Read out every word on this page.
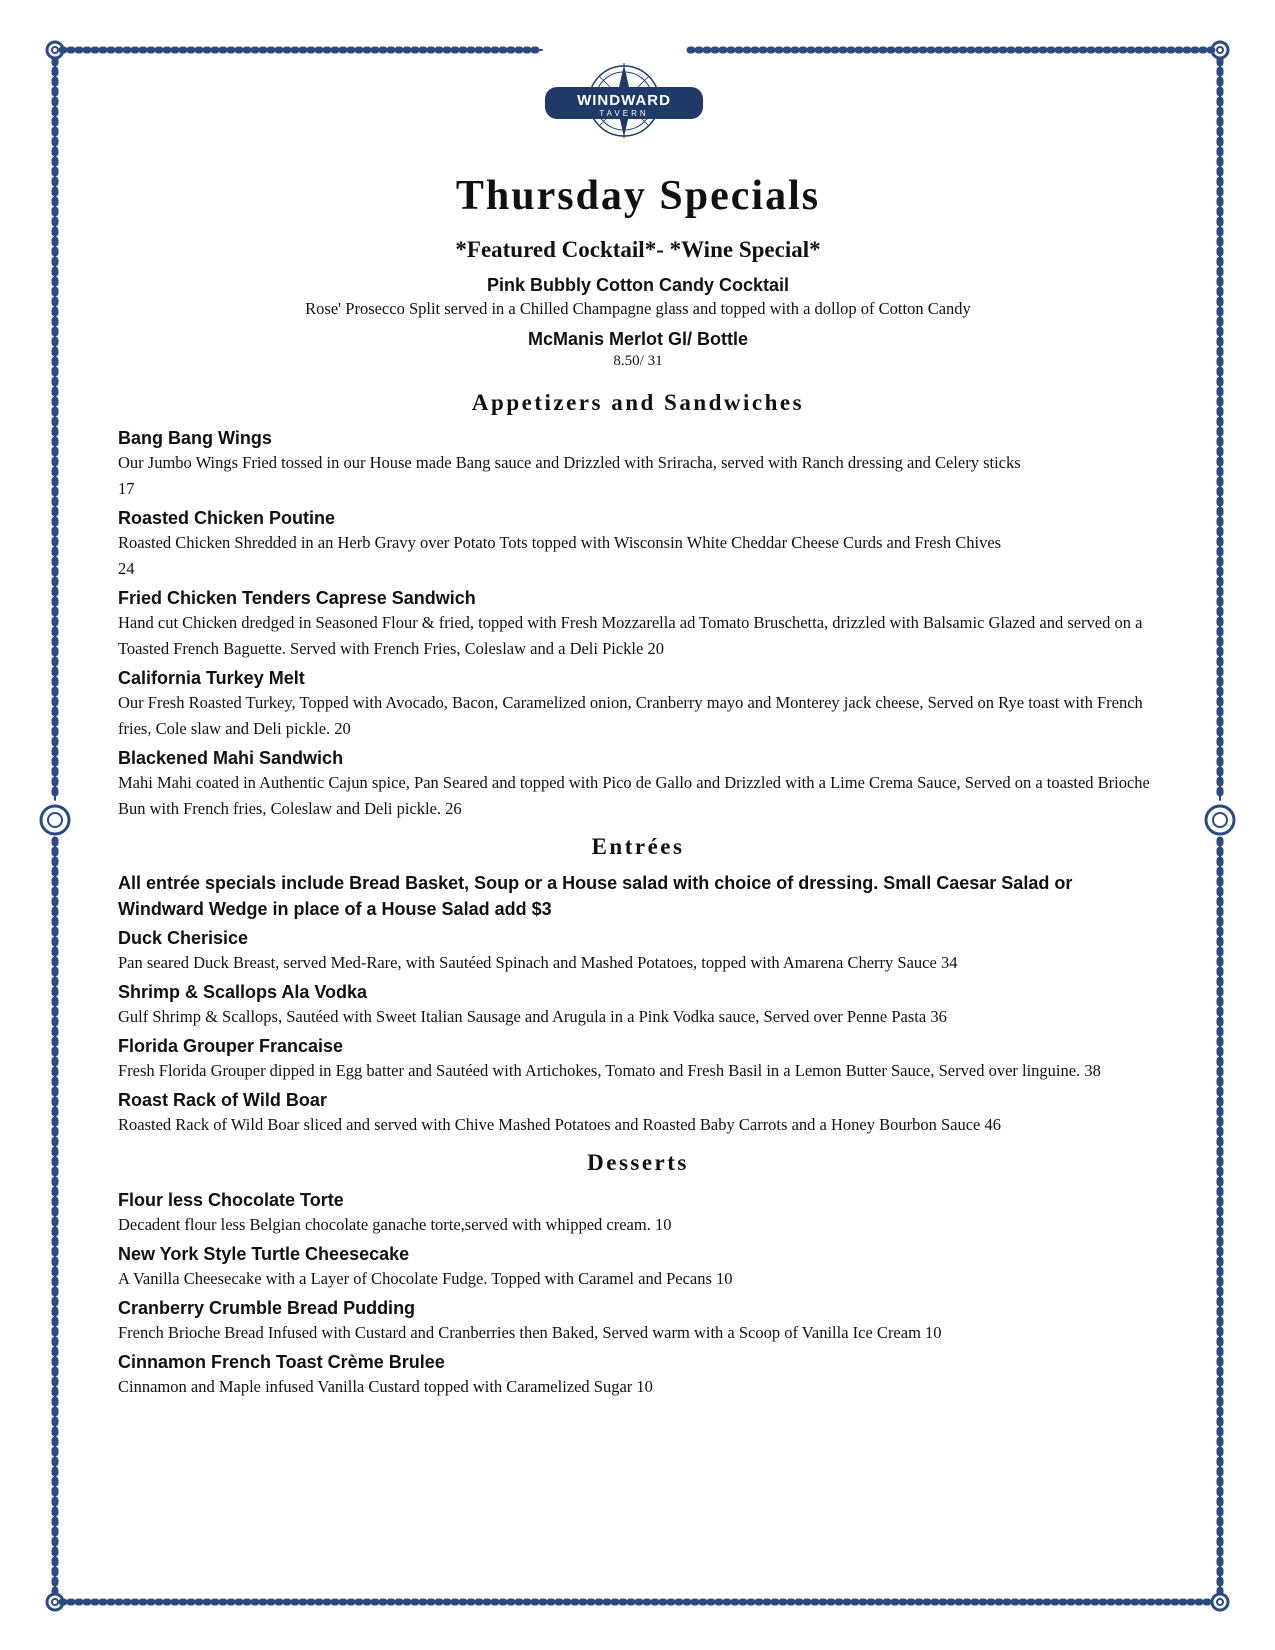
WINDWARD
TAVERN
Thursday Specials
*Featured Cocktail*- *Wine Special*
Pink Bubbly Cotton Candy Cocktail
Rose' Prosecco Split served in a Chilled Champagne glass and topped with a dollop of Cotton Candy
McManis Merlot Gl/ Bottle
8.50/ 31
Appetizers and Sandwiches
Bang Bang Wings
Our Jumbo Wings Fried tossed in our House made Bang sauce and Drizzled with Sriracha, served with Ranch dressing and Celery sticks
17
Roasted Chicken Poutine
Roasted Chicken Shredded in an Herb Gravy over Potato Tots topped with Wisconsin White Cheddar Cheese Curds and Fresh Chives
24
Fried Chicken Tenders Caprese Sandwich
Hand cut Chicken dredged in Seasoned Flour & fried, topped with Fresh Mozzarella ad Tomato Bruschetta, drizzled with Balsamic Glazed and served on a Toasted French Baguette. Served with French Fries, Coleslaw and a Deli Pickle 20
California Turkey Melt
Our Fresh Roasted Turkey, Topped with Avocado, Bacon, Caramelized onion, Cranberry mayo and Monterey jack cheese, Served on Rye toast with French fries, Cole slaw and Deli pickle. 20
Blackened Mahi Sandwich
Mahi Mahi coated in Authentic Cajun spice, Pan Seared and topped with Pico de Gallo and Drizzled with a Lime Crema Sauce, Served on a toasted Brioche Bun with French fries, Coleslaw and Deli pickle. 26
Entrées
All entrée specials include Bread Basket, Soup or a House salad with choice of dressing. Small Caesar Salad or Windward Wedge in place of a House Salad add $3
Duck Cherisice
Pan seared Duck Breast, served Med-Rare, with Sautéed Spinach and Mashed Potatoes, topped with Amarena Cherry Sauce 34
Shrimp & Scallops Ala Vodka
Gulf Shrimp & Scallops, Sautéed with Sweet Italian Sausage and Arugula in a Pink Vodka sauce, Served over Penne Pasta 36
Florida Grouper Francaise
Fresh Florida Grouper dipped in Egg batter and Sautéed with Artichokes, Tomato and Fresh Basil in a Lemon Butter Sauce, Served over linguine. 38
Roast Rack of Wild Boar
Roasted Rack of Wild Boar sliced and served with Chive Mashed Potatoes and Roasted Baby Carrots and a Honey Bourbon Sauce 46
Desserts
Flour less Chocolate Torte
Decadent flour less Belgian chocolate ganache torte,served with whipped cream. 10
New York Style Turtle Cheesecake
A Vanilla Cheesecake with a Layer of Chocolate Fudge. Topped with Caramel and Pecans 10
Cranberry Crumble Bread Pudding
French Brioche Bread Infused with Custard and Cranberries then Baked, Served warm with a Scoop of Vanilla Ice Cream 10
Cinnamon French Toast Crème Brulee
Cinnamon and Maple infused Vanilla Custard topped with Caramelized Sugar 10
